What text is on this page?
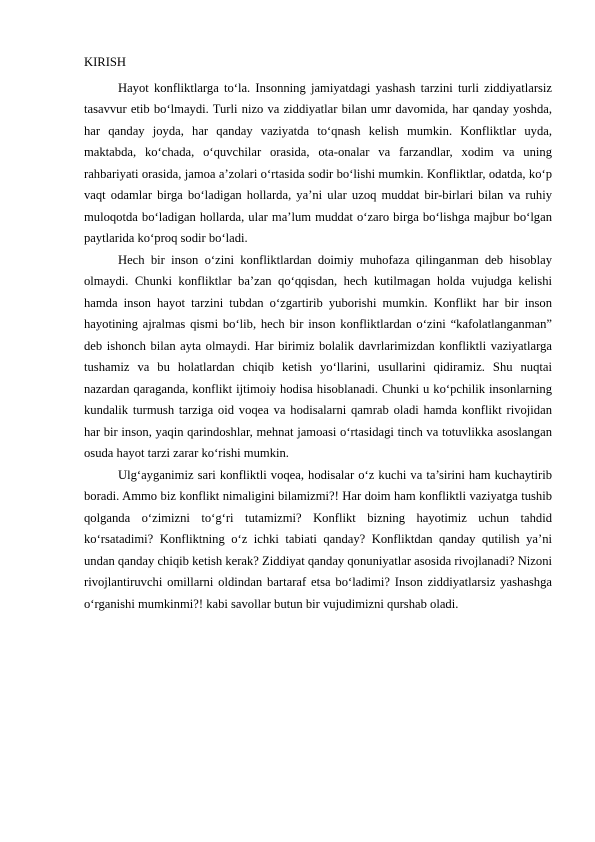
KIRISH

Hayot konfliktlarga to‘la. Insonning jamiyatdagi yashash tarzini turli ziddiyatlarsiz tasavvur etib bo‘lmaydi. Turli nizo va ziddiyatlar bilan umr davomida, har qanday yoshda, har qanday joyda, har qanday vaziyatda to‘qnash kelish mumkin. Konfliktlar uyda, maktabda, ko‘chada, o‘quvchilar orasida, ota-onalar va farzandlar, xodim va uning rahbariyati orasida, jamoa a’zolari o‘rtasida sodir bo‘lishi mumkin. Konfliktlar, odatda, ko‘p vaqt odamlar birga bo‘ladigan hollarda, ya’ni ular uzoq muddat bir-birlari bilan va ruhiy muloqotda bo‘ladigan hollarda, ular ma’lum muddat o‘zaro birga bo‘lishga majbur bo‘lgan paytlarida ko‘proq sodir bo‘ladi.

Hech bir inson o‘zini konfliktlardan doimiy muhofaza qilinganman deb hisoblay olmaydi. Chunki konfliktlar ba’zan qo‘qqisdan, hech kutilmagan holda vujudga kelishi hamda inson hayot tarzini tubdan o‘zgartirib yuborishi mumkin. Konflikt har bir inson hayotining ajralmas qismi bo‘lib, hech bir inson konfliktlardan o‘zini “kafolatlanganman” deb ishonch bilan ayta olmaydi. Har birimiz bolalik davrlarimizdan konfliktli vaziyatlarga tushamiz va bu holatlardan chiqib ketish yo‘llarini, usullarini qidiramiz. Shu nuqtai nazardan qaraganda, konflikt ijtimoiy hodisa hisoblanadi. Chunki u ko‘pchilik insonlarning kundalik turmush tarziga oid voqea va hodisalarni qamrab oladi hamda konflikt rivojidan har bir inson, yaqin qarindoshlar, mehnat jamoasi o‘rtasidagi tinch va totuvlikka asoslangan osuda hayot tarzi zarar ko‘rishi mumkin.

Ulg‘ayganimiz sari konfliktli voqea, hodisalar o‘z kuchi va ta’sirini ham kuchaytirib boradi. Ammo biz konflikt nimaligini bilamizmi?! Har doim ham konfliktli vaziyatga tushib qolganda o‘zimizni to‘g‘ri tutamizmi? Konflikt bizning hayotimiz uchun tahdid ko‘rsatadimi? Konfliktning o‘z ichki tabiati qanday? Konfliktdan qanday qutilish ya’ni undan qanday chiqib ketish kerak? Ziddiyat qanday qonuniyatlar asosida rivojlanadi? Nizoni rivojlantiruvchi omillarni oldindan bartaraf etsa bo‘ladimi? Inson ziddiyatlarsiz yashashga o‘rganishi mumkinmi?! kabi savollar butun bir vujudimizni qurshab oladi.
